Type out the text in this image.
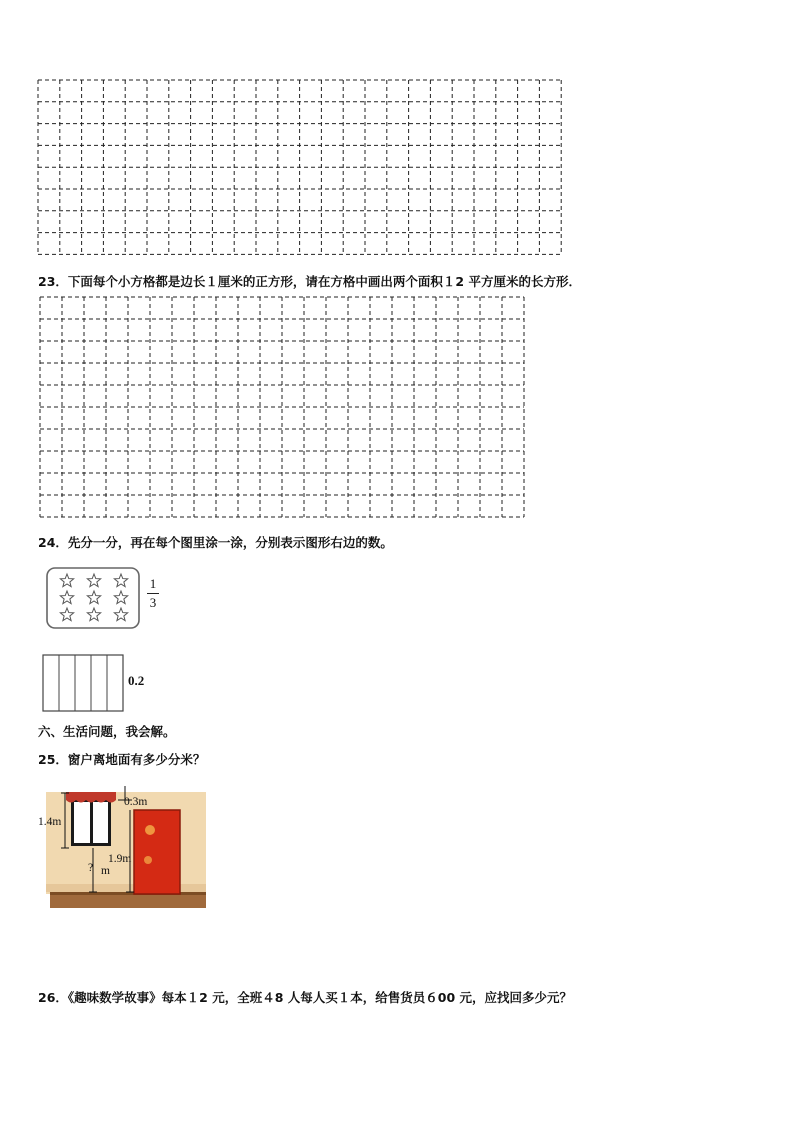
23．下面每个小方格都是边长１厘米的正方形，请在方格中画出两个面积１2 平方厘米的长方形．
24．先分一分，再在每个图里涂一涂，分别表示图形右边的数。
1
3
0.2
六、生活问题，我会解。
25．窗户离地面有多少分米？
1.4m
0.3m
1.9m
? m
26．《趣味数学故事》每本１2 元，全班４8 人每人买１本，给售货员６00 元，应找回多少元？
